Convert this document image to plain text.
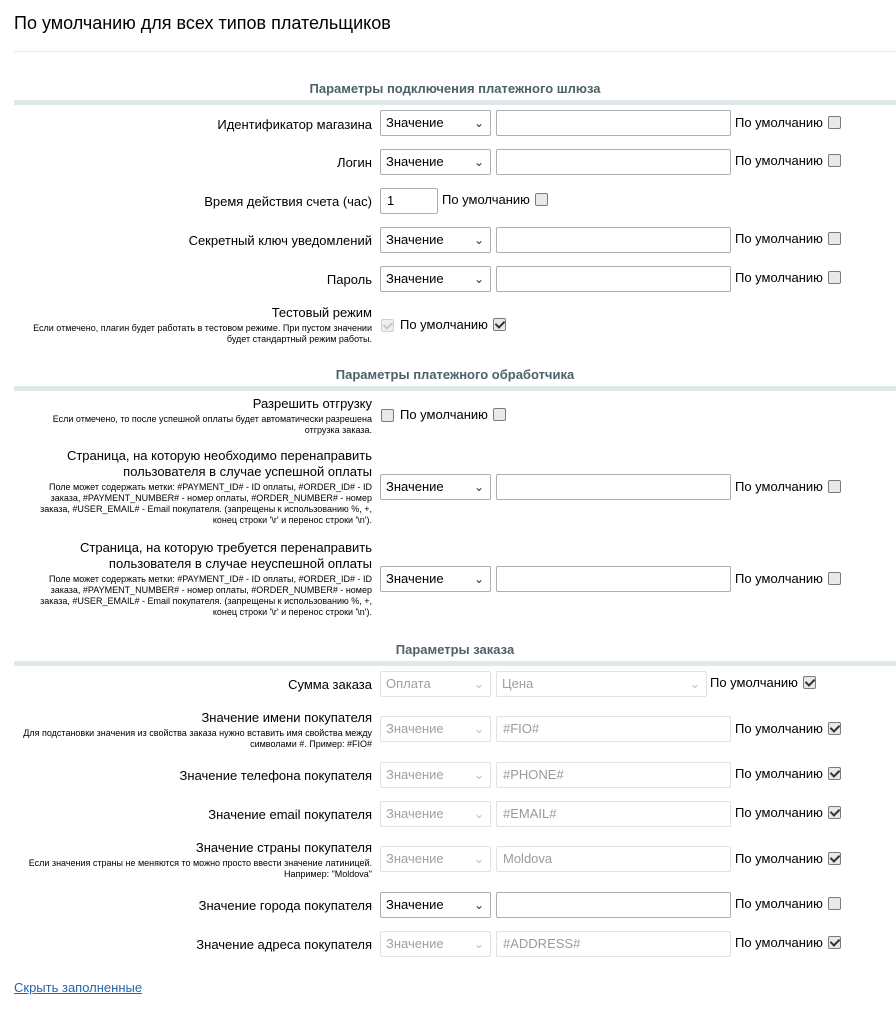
По умолчанию для всех типов плательщиков
Параметры подключения платежного шлюза
Идентификатор магазина	Значение	⌄	По умолчанию
Логин	Значение	⌄	По умолчанию
Время действия счета (час)	1	По умолчанию
Секретный ключ уведомлений	Значение	⌄	По умолчанию
Пароль	Значение	⌄	По умолчанию
Тестовый режим
Если отмечено, плагин будет работать в тестовом режиме. При пустом значении будет стандартный режим работы.
По умолчанию
Параметры платежного обработчика
Разрешить отгрузку
Если отмечено, то после успешной оплаты будет автоматически разрешена отгрузка заказа.
По умолчанию
Страница, на которую необходимо перенаправить пользователя в случае успешной оплаты
Поле может содержать метки: #PAYMENT_ID# - ID оплаты, #ORDER_ID# - ID заказа, #PAYMENT_NUMBER# - номер оплаты, #ORDER_NUMBER# - номер заказа, #USER_EMAIL# - Email покупателя. (запрещены к использованию %, +, конец строки '\r' и перенос строки '\n').
Значение	⌄	По умолчанию
Страница, на которую требуется перенаправить пользователя в случае неуспешной оплаты
Поле может содержать метки: #PAYMENT_ID# - ID оплаты, #ORDER_ID# - ID заказа, #PAYMENT_NUMBER# - номер оплаты, #ORDER_NUMBER# - номер заказа, #USER_EMAIL# - Email покупателя. (запрещены к использованию %, +, конец строки '\r' и перенос строки '\n').
Значение	⌄	По умолчанию
Параметры заказа
Сумма заказа	Оплата	⌄	Цена	⌄ По умолчанию
Значение имени покупателя
Для подстановки значения из свойства заказа нужно вставить имя свойства между символами #. Пример: #FIO#
Значение	⌄	#FIO#	По умолчанию
Значение телефона покупателя	Значение	⌄	#PHONE#	По умолчанию
Значение email покупателя	Значение	⌄	#EMAIL#	По умолчанию
Значение страны покупателя
Если значения страны не меняются то можно просто ввести значение латиницей. Например: "Moldova"
Значение	⌄	Moldova	По умолчанию
Значение города покупателя	Значение	⌄	По умолчанию
Значение адреса покупателя	Значение	⌄	#ADDRESS#	По умолчанию
Скрыть заполненные
